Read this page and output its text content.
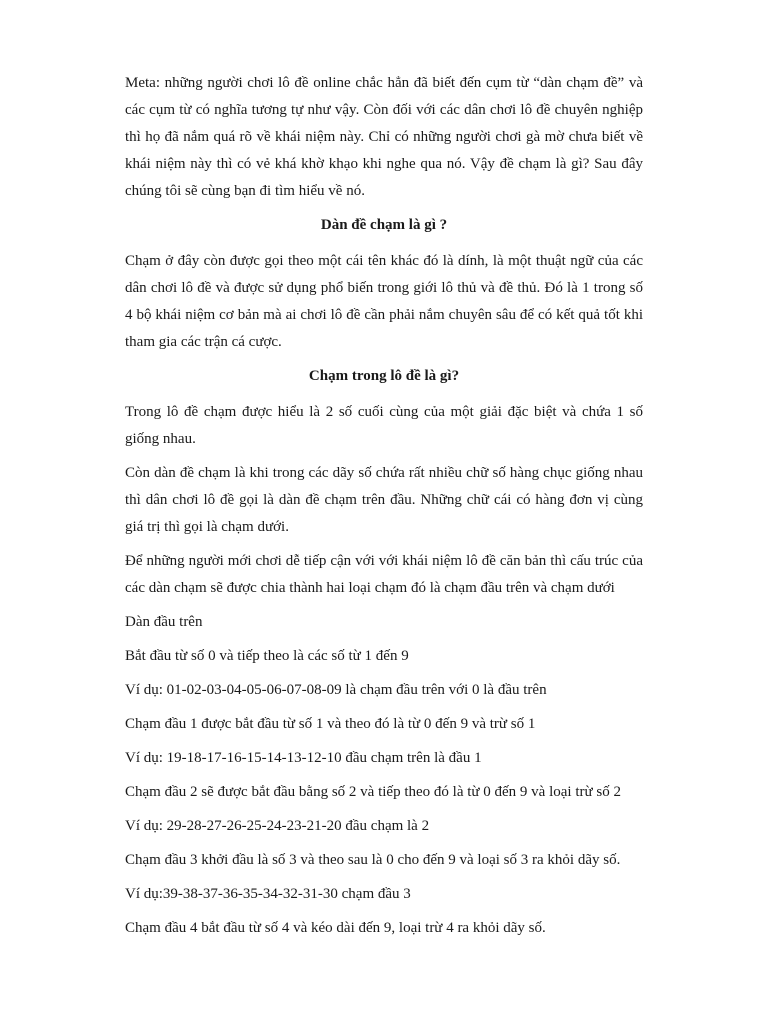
Meta: những người chơi lô đề online chắc hẳn đã biết đến cụm từ “dàn chạm đề” và các cụm từ có nghĩa tương tự như vậy. Còn đối với các dân chơi lô đề chuyên nghiệp thì họ đã nắm quá rõ về khái niệm này. Chỉ có những người chơi gà mờ chưa biết về khái niệm này thì có vẻ khá khờ khạo khi nghe qua nó. Vậy đề chạm là gì? Sau đây chúng tôi sẽ cùng bạn đi tìm hiểu về nó.

Dàn đề chạm là gì ?

Chạm ở đây còn được gọi theo một cái tên khác đó là dính, là một thuật ngữ của các dân chơi lô đề và được sử dụng phổ biến trong giới lô thủ và đề thủ. Đó là 1 trong số 4 bộ khái niệm cơ bản mà ai chơi lô đề cần phải nắm chuyên sâu để có kết quả tốt khi tham gia các trận cá cược.

Chạm trong lô đề là gì?

Trong lô đề chạm được hiểu là 2 số cuối cùng của một giải đặc biệt và chứa 1 số giống nhau.

Còn dàn đề chạm là khi trong các dãy số chứa rất nhiều chữ số hàng chục giống nhau thì dân chơi lô đề gọi là dàn đề chạm trên đầu. Những chữ cái có hàng đơn vị cùng giá trị thì gọi là chạm dưới.

Để những người mới chơi dễ tiếp cận với với khái niệm lô đề căn bản thì cấu trúc của các dàn chạm sẽ được chia thành hai loại chạm đó là chạm đầu trên và chạm dưới

Dàn đầu trên

Bắt đầu từ số 0 và tiếp theo là các số từ 1 đến 9

Ví dụ: 01-02-03-04-05-06-07-08-09 là chạm đầu trên với 0 là đầu trên

Chạm đầu 1 được bắt đầu từ số 1 và theo đó là từ 0 đến 9 và trừ số 1

Ví dụ: 19-18-17-16-15-14-13-12-10 đầu chạm trên là đầu 1

Chạm đầu 2 sẽ được bắt đầu bằng số 2 và tiếp theo đó là từ 0 đến 9 và loại trừ số 2

Ví dụ: 29-28-27-26-25-24-23-21-20 đầu chạm là 2

Chạm đầu 3 khởi đầu là số 3 và theo sau là 0 cho đến 9 và loại số 3 ra khỏi dãy số.

Ví dụ:39-38-37-36-35-34-32-31-30 chạm đầu 3

Chạm đầu 4 bắt đầu từ số 4 và kéo dài đến 9, loại trừ 4 ra khỏi dãy số.
